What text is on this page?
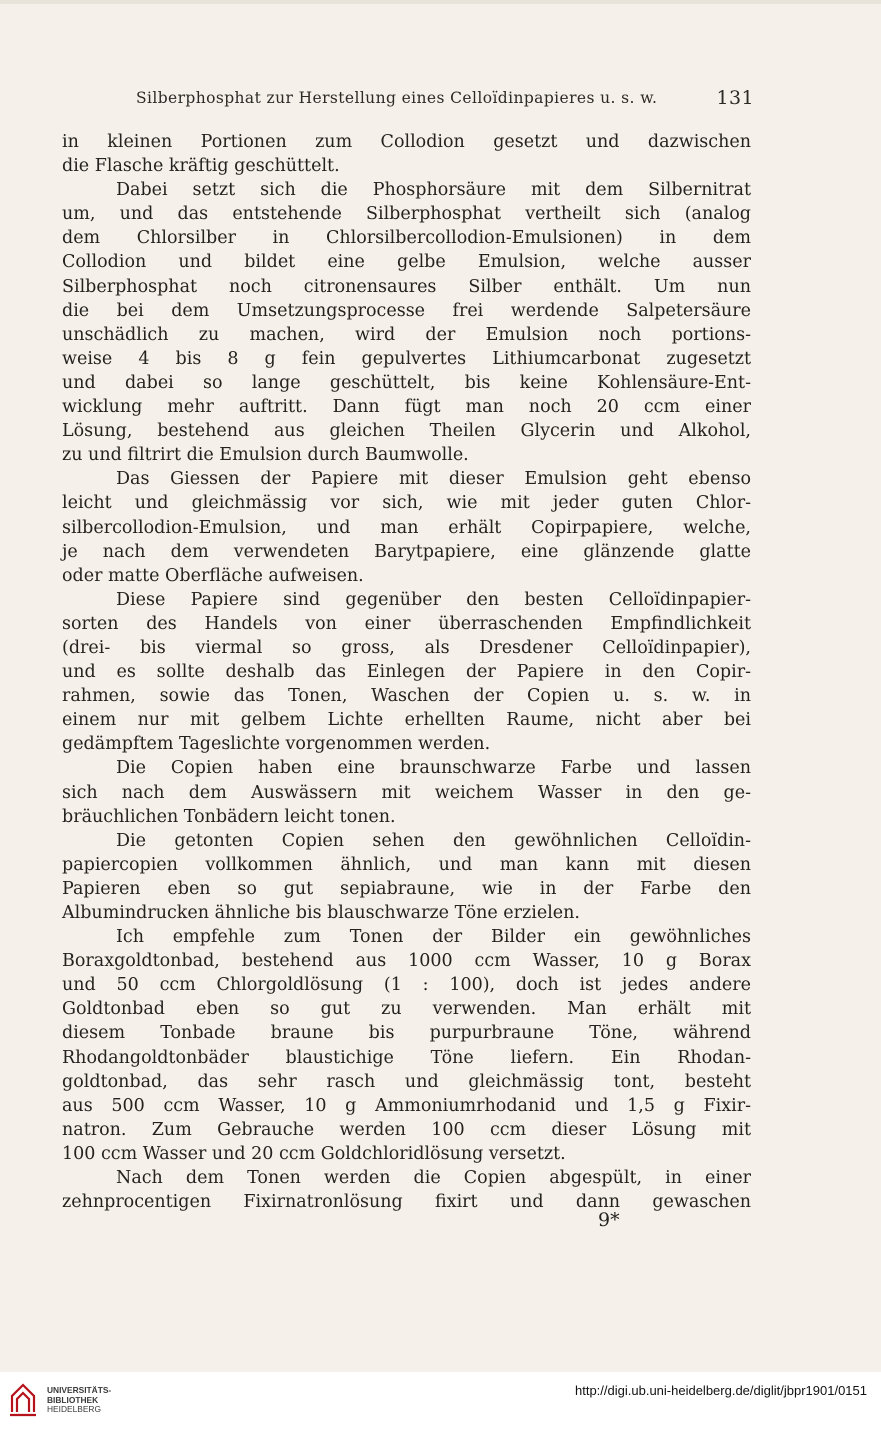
Silberphosphat zur Herstellung eines Celloïdinpapieres u. s. w.	131
in kleinen Portionen zum Collodion gesetzt und dazwischen
die Flasche kräftig geschüttelt.
Dabei setzt sich die Phosphorsäure mit dem Silbernitrat
um, und das entstehende Silberphosphat vertheilt sich (analog
dem Chlorsilber in Chlorsilbercollodion-Emulsionen) in dem
Collodion und bildet eine gelbe Emulsion, welche ausser
Silberphosphat noch citronensaures Silber enthält. Um nun
die bei dem Umsetzungsprocesse frei werdende Salpetersäure
unschädlich zu machen, wird der Emulsion noch portions-
weise 4 bis 8 g fein gepulvertes Lithiumcarbonat zugesetzt
und dabei so lange geschüttelt, bis keine Kohlensäure-Ent-
wicklung mehr auftritt. Dann fügt man noch 20 ccm einer
Lösung, bestehend aus gleichen Theilen Glycerin und Alkohol,
zu und filtrirt die Emulsion durch Baumwolle.
Das Giessen der Papiere mit dieser Emulsion geht ebenso
leicht und gleichmässig vor sich, wie mit jeder guten Chlor-
silbercollodion-Emulsion, und man erhält Copirpapiere, welche,
je nach dem verwendeten Barytpapiere, eine glänzende glatte
oder matte Oberfläche aufweisen.
Diese Papiere sind gegenüber den besten Celloïdinpapier-
sorten des Handels von einer überraschenden Empfindlichkeit
(drei- bis viermal so gross, als Dresdener Celloïdinpapier),
und es sollte deshalb das Einlegen der Papiere in den Copir-
rahmen, sowie das Tonen, Waschen der Copien u. s. w. in
einem nur mit gelbem Lichte erhellten Raume, nicht aber bei
gedämpftem Tageslichte vorgenommen werden.
Die Copien haben eine braunschwarze Farbe und lassen
sich nach dem Auswässern mit weichem Wasser in den ge-
bräuchlichen Tonbädern leicht tonen.
Die getonten Copien sehen den gewöhnlichen Celloïdin-
papiercopien vollkommen ähnlich, und man kann mit diesen
Papieren eben so gut sepiabraune, wie in der Farbe den
Albumindrucken ähnliche bis blauschwarze Töne erzielen.
Ich empfehle zum Tonen der Bilder ein gewöhnliches
Boraxgoldtonbad, bestehend aus 1000 ccm Wasser, 10 g Borax
und 50 ccm Chlorgoldlösung (1 : 100), doch ist jedes andere
Goldtonbad eben so gut zu verwenden. Man erhält mit
diesem Tonbade braune bis purpurbraune Töne, während
Rhodangoldtonbäder blaustichige Töne liefern. Ein Rhodan-
goldtonbad, das sehr rasch und gleichmässig tont, besteht
aus 500 ccm Wasser, 10 g Ammoniumrhodanid und 1,5 g Fixir-
natron. Zum Gebrauche werden 100 ccm dieser Lösung mit
100 ccm Wasser und 20 ccm Goldchloridlösung versetzt.
Nach dem Tonen werden die Copien abgespült, in einer
zehnprocentigen Fixirnatronlösung fixirt und dann gewaschen
9*
UNIVERSITÄTS-
BIBLIOTHEK
HEIDELBERG
http://digi.ub.uni-heidelberg.de/diglit/jbpr1901/0151
